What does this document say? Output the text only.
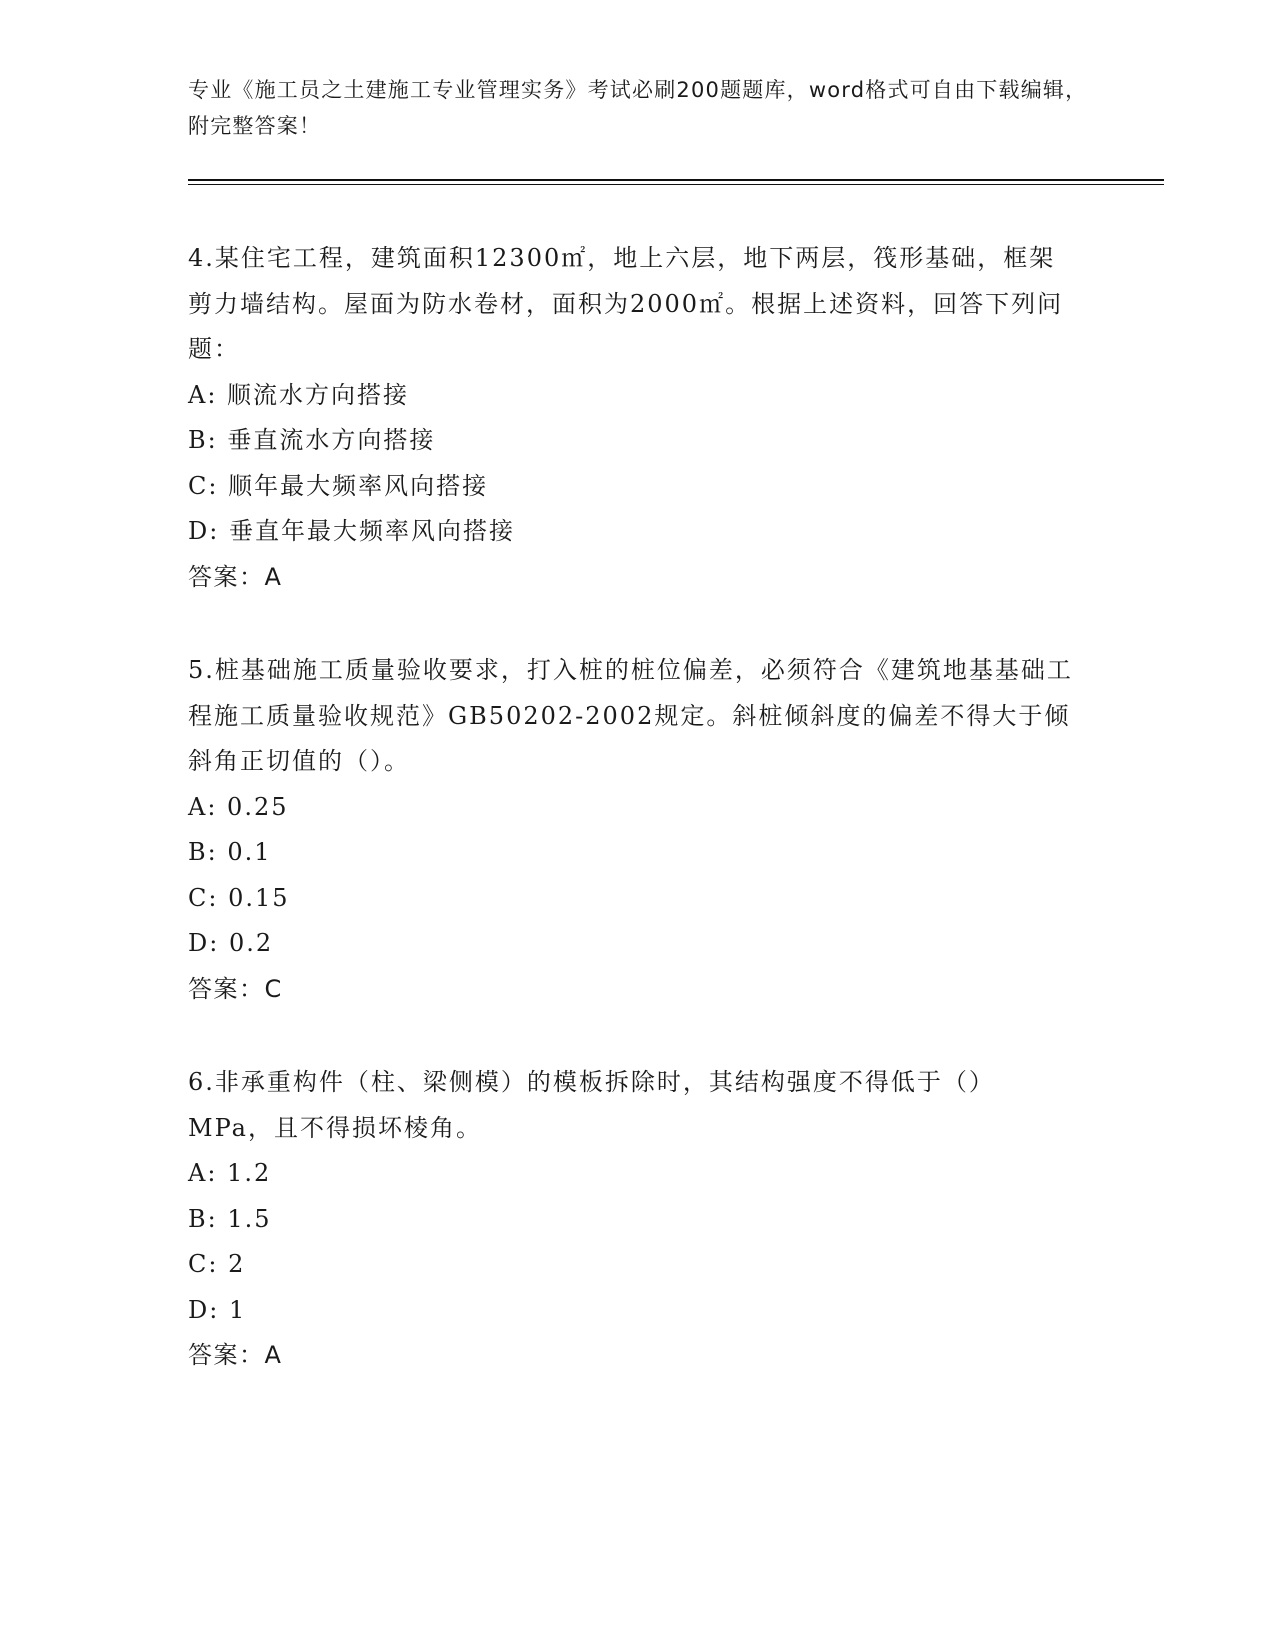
专业《施工员之土建施工专业管理实务》考试必刷200题题库，word格式可自由下载编辑，附完整答案！

4.某住宅工程，建筑面积12300㎡，地上六层，地下两层，筏形基础，框架剪力墙结构。屋面为防水卷材，面积为2000㎡。根据上述资料，回答下列问题：

A: 顺流水方向搭接

B: 垂直流水方向搭接

C: 顺年最大频率风向搭接

D: 垂直年最大频率风向搭接

答案：A

5.桩基础施工质量验收要求，打入桩的桩位偏差，必须符合《建筑地基基础工程施工质量验收规范》GB50202-2002规定。斜桩倾斜度的偏差不得大于倾斜角正切值的（）。

A: 0.25

B: 0.1

C: 0.15

D: 0.2

答案：C

6.非承重构件（柱、梁侧模）的模板拆除时，其结构强度不得低于（）MPa，且不得损坏棱角。

A: 1.2

B: 1.5

C: 2

D: 1

答案：A
